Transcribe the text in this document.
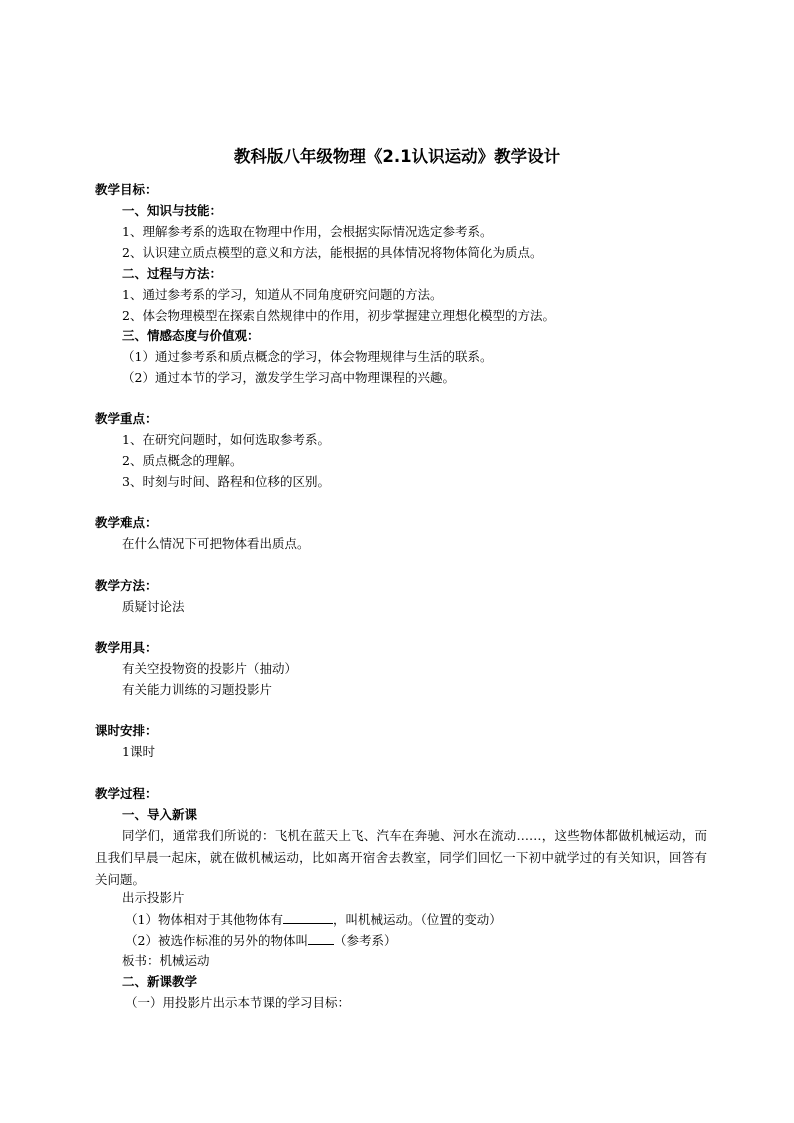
教科版八年级物理《2.1认识运动》教学设计
教学目标：
一、知识与技能：
1、理解参考系的选取在物理中作用，会根据实际情况选定参考系。
2、认识建立质点模型的意义和方法，能根据的具体情况将物体简化为质点。
二、过程与方法：
1、通过参考系的学习，知道从不同角度研究问题的方法。
2、体会物理模型在探索自然规律中的作用，初步掌握建立理想化模型的方法。
三、情感态度与价值观：
（1）通过参考系和质点概念的学习，体会物理规律与生活的联系。
（2）通过本节的学习，激发学生学习高中物理课程的兴趣。
教学重点：
1、在研究问题时，如何选取参考系。
2、质点概念的理解。
3、时刻与时间、路程和位移的区别。
教学难点：
在什么情况下可把物体看出质点。
教学方法：
质疑讨论法
教学用具：
有关空投物资的投影片（抽动）
有关能力训练的习题投影片
课时安排：
1课时
教学过程：
一、导入新课
同学们，通常我们所说的：飞机在蓝天上飞、汽车在奔驰、河水在流动……，这些物体都做机械运动，而且我们早晨一起床，就在做机械运动，比如离开宿舍去教室，同学们回忆一下初中就学过的有关知识，回答有关问题。
出示投影片
（1）物体相对于其他物体有	，叫机械运动。（位置的变动）
（2）被选作标准的另外的物体叫 （参考系）
板书：机械运动
二、新课教学
（一）用投影片出示本节课的学习目标：
